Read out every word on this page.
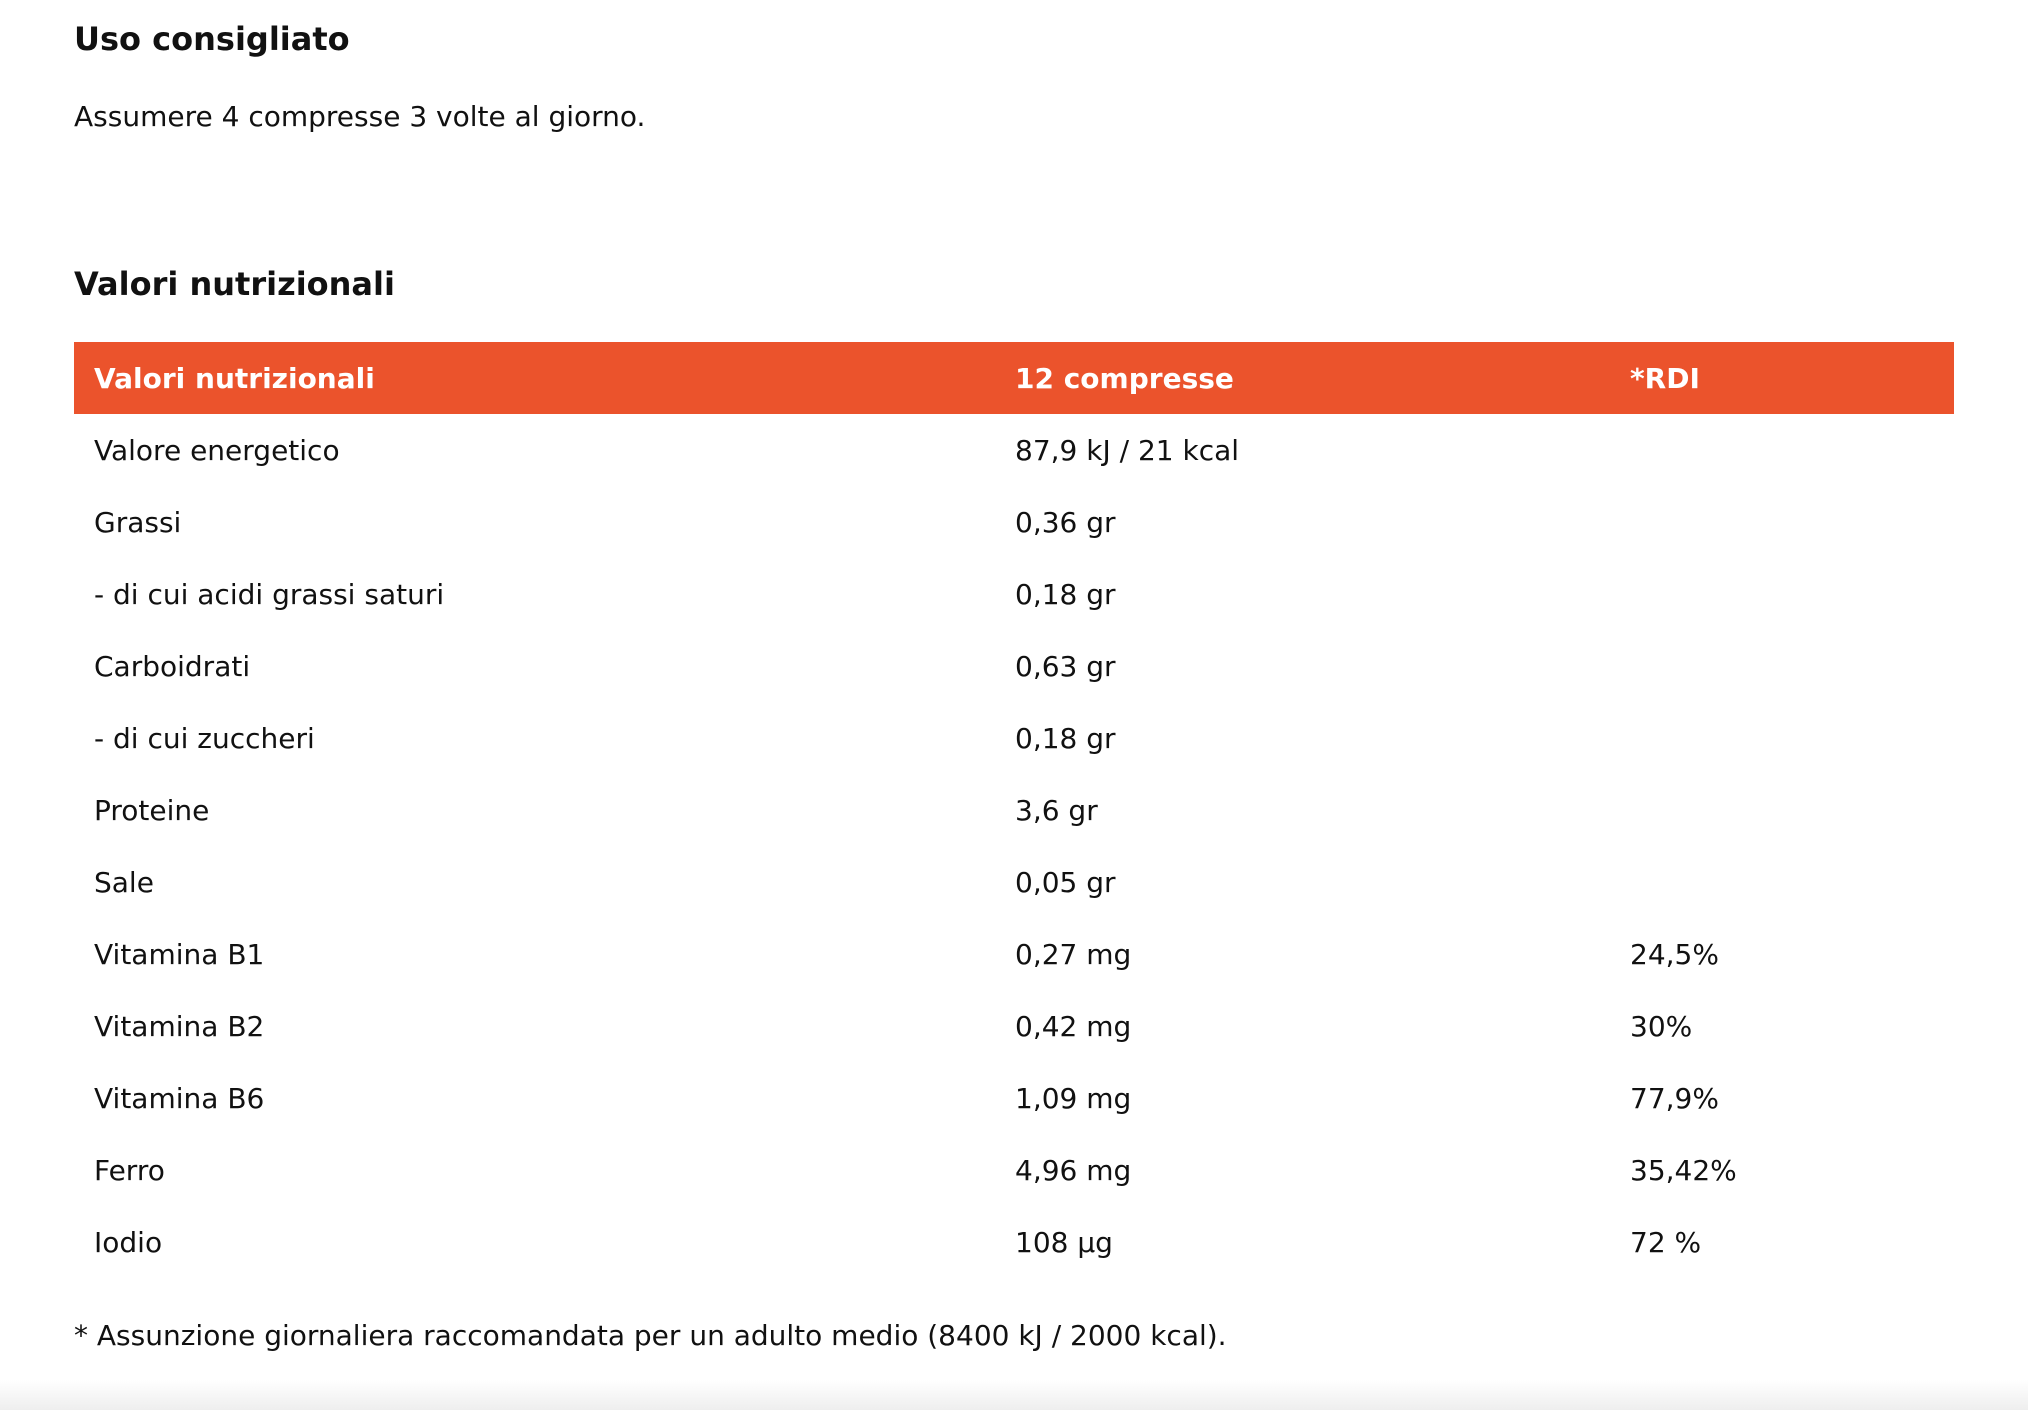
Uso consigliato

Assumere 4 compresse 3 volte al giorno.

Valori nutrizionali
Valori nutrizionali	12 compresse	*RDI
Valore energetico	87,9 kJ / 21 kcal	
Grassi	0,36 gr	
- di cui acidi grassi saturi	0,18 gr	
Carboidrati	0,63 gr	
- di cui zuccheri	0,18 gr	
Proteine	3,6 gr	
Sale	0,05 gr	
Vitamina B1	0,27 mg	24,5%
Vitamina B2	0,42 mg	30%
Vitamina B6	1,09 mg	77,9%
Ferro	4,96 mg	35,42%
Iodio	108 µg	72 %

* Assunzione giornaliera raccomandata per un adulto medio (8400 kJ / 2000 kcal).
